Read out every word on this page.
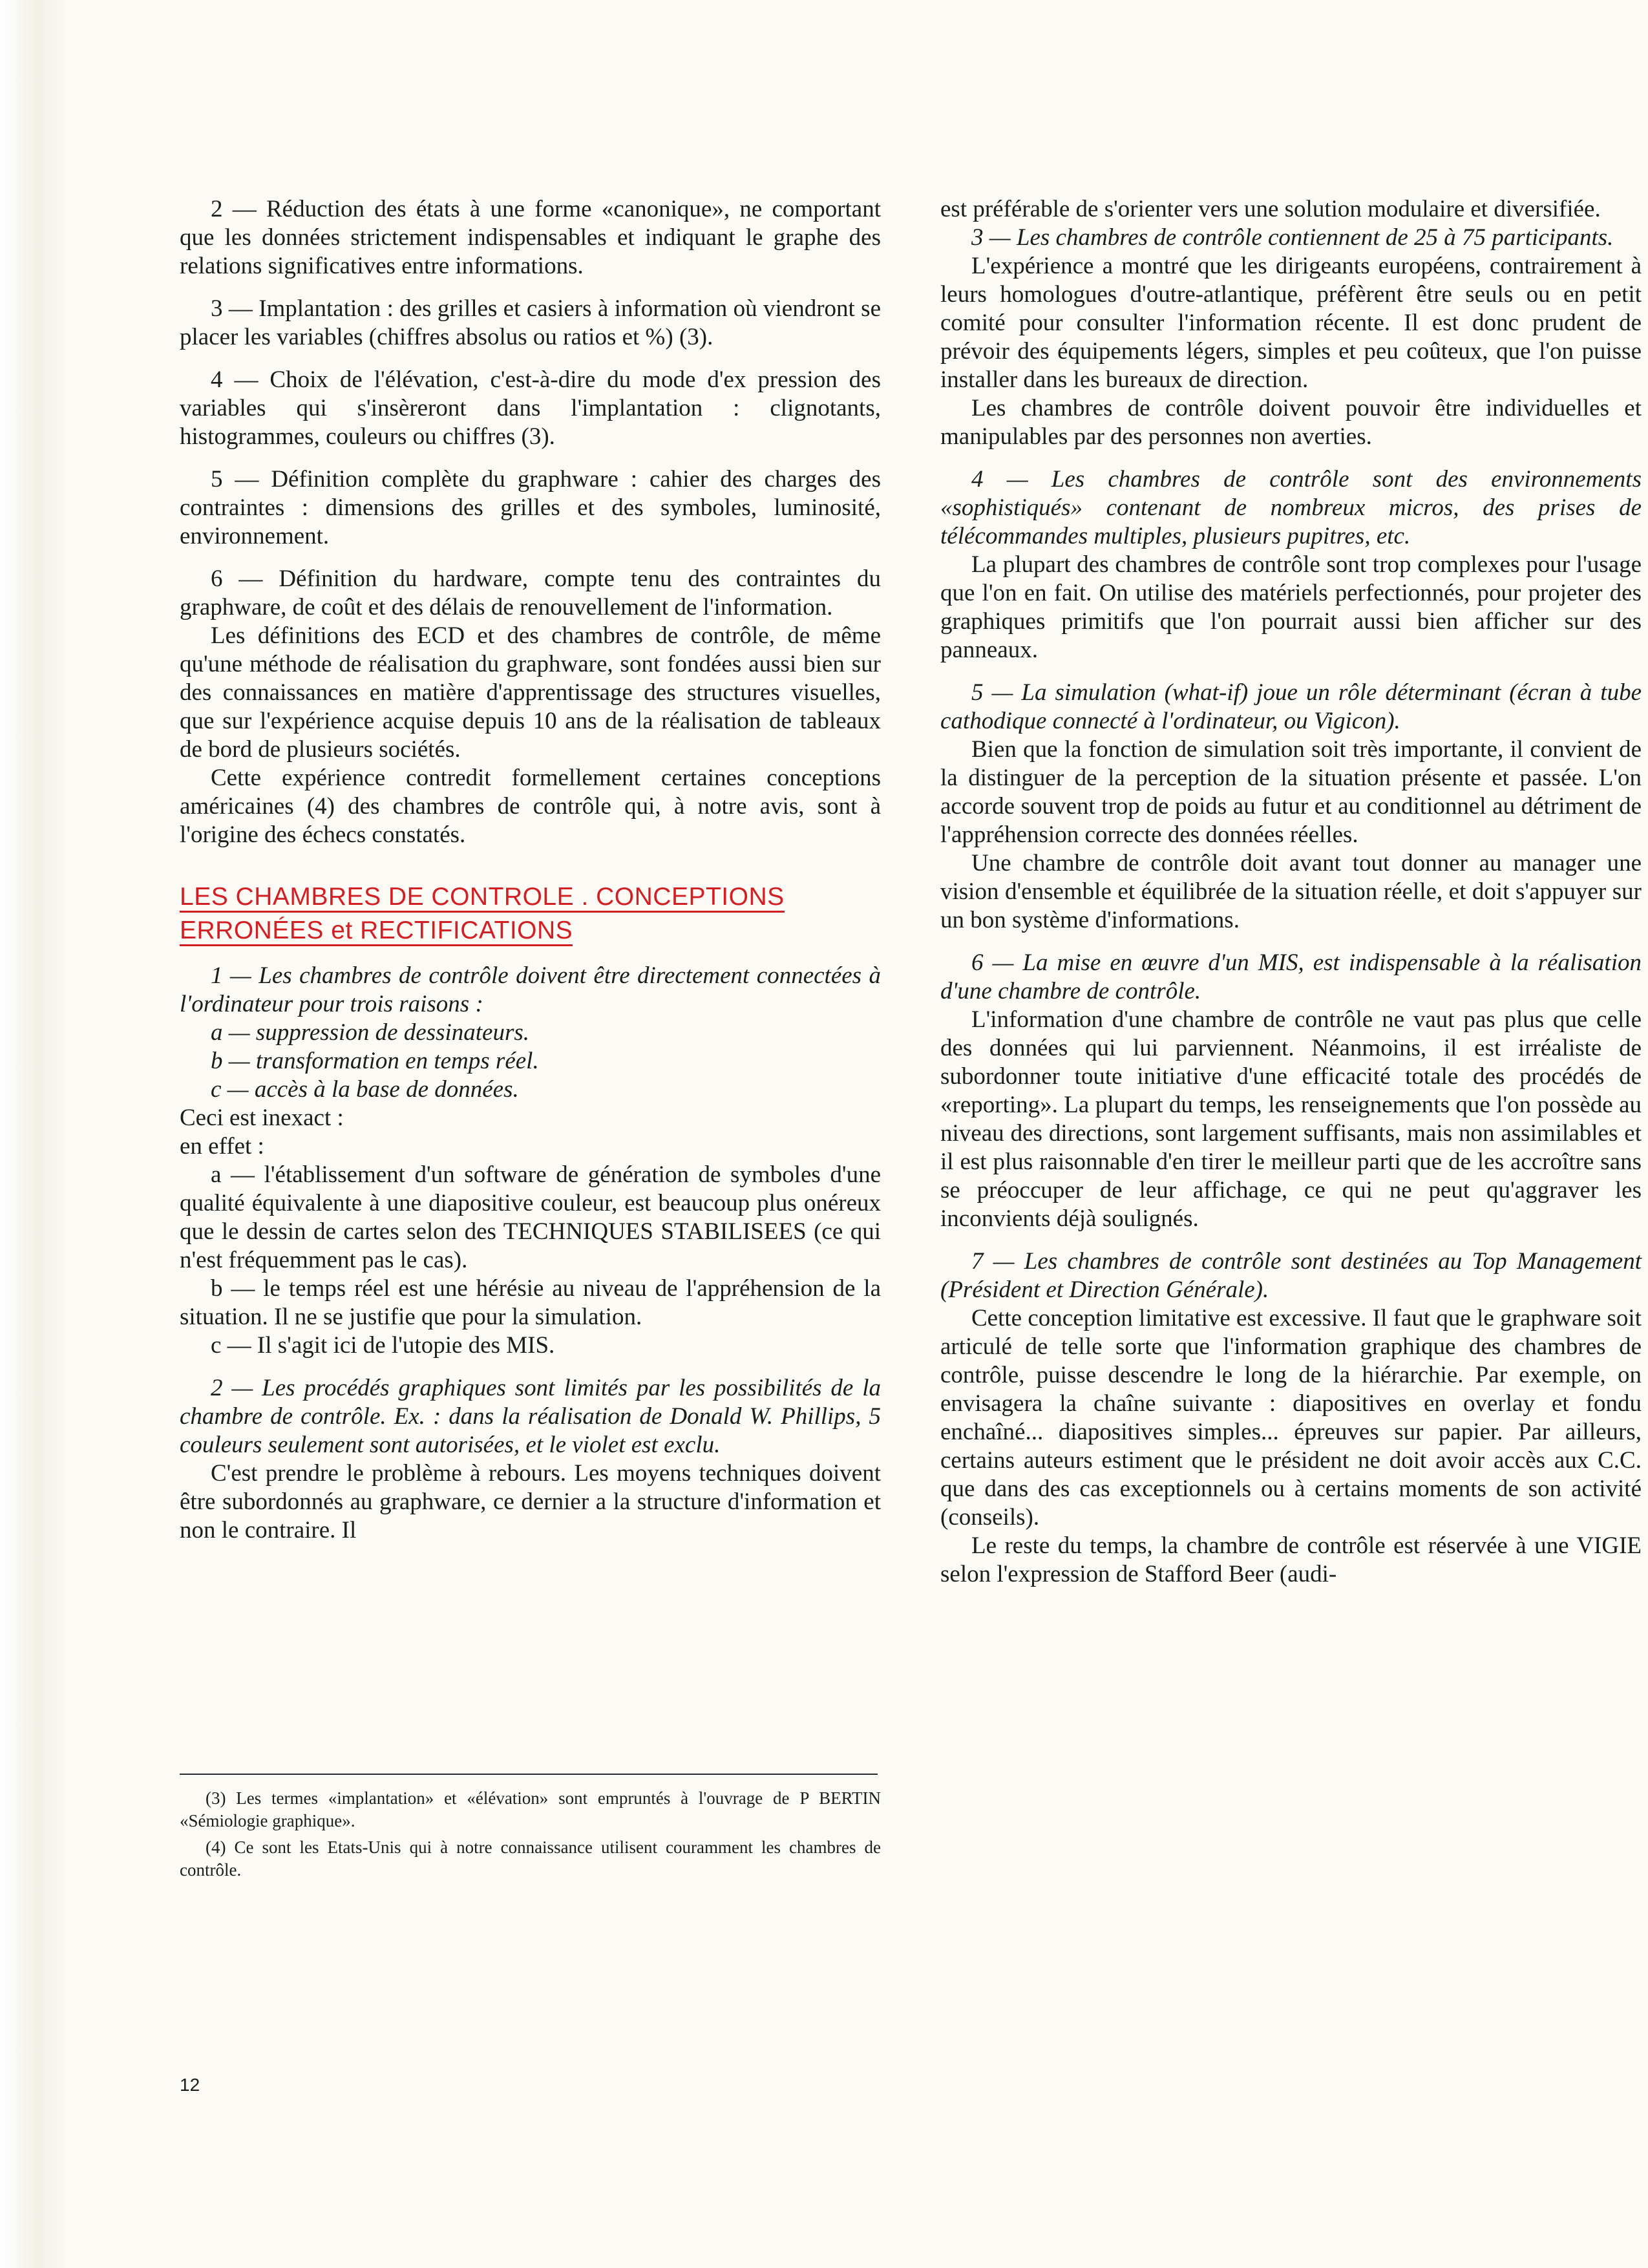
2 — Réduction des états à une forme «canonique», ne comportant que les données strictement indispensables et indiquant le graphe des relations significatives entre informations.

3 — Implantation : des grilles et casiers à information où viendront se placer les variables (chiffres absolus ou ratios et %) (3).

4 — Choix de l'élévation, c'est-à-dire du mode d'ex pression des variables qui s'insèreront dans l'implantation : clignotants, histogrammes, couleurs ou chiffres (3).

5 — Définition complète du graphware : cahier des charges des contraintes : dimensions des grilles et des symboles, luminosité, environnement.

6 — Définition du hardware, compte tenu des contraintes du graphware, de coût et des délais de renouvellement de l'information.

Les définitions des ECD et des chambres de contrôle, de même qu'une méthode de réalisation du graphware, sont fondées aussi bien sur des connaissances en matière d'apprentissage des structures visuelles, que sur l'expérience acquise depuis 10 ans de la réalisation de tableaux de bord de plusieurs sociétés.

Cette expérience contredit formellement certaines conceptions américaines (4) des chambres de contrôle qui, à notre avis, sont à l'origine des échecs constatés.

LES CHAMBRES DE CONTROLE . CONCEPTIONS
ERRONÉES et RECTIFICATIONS

1 — Les chambres de contrôle doivent être directement connectées à l'ordinateur pour trois raisons :

a — suppression de dessinateurs.

b — transformation en temps réel.

c — accès à la base de données.

Ceci est inexact :

en effet :

a — l'établissement d'un software de génération de symboles d'une qualité équivalente à une diapositive couleur, est beaucoup plus onéreux que le dessin de cartes selon des TECHNIQUES STABILISEES (ce qui n'est fréquemment pas le cas).

b — le temps réel est une hérésie au niveau de l'appréhension de la situation. Il ne se justifie que pour la simulation.

c — Il s'agit ici de l'utopie des MIS.

2 — Les procédés graphiques sont limités par les possibilités de la chambre de contrôle. Ex. : dans la réalisation de Donald W. Phillips, 5 couleurs seulement sont autorisées, et le violet est exclu.

C'est prendre le problème à rebours. Les moyens techniques doivent être subordonnés au graphware, ce dernier a la structure d'information et non le contraire. Il

est préférable de s'orienter vers une solution modulaire et diversifiée.

3 — Les chambres de contrôle contiennent de 25 à 75 participants.

L'expérience a montré que les dirigeants européens, contrairement à leurs homologues d'outre-atlantique, préfèrent être seuls ou en petit comité pour consulter l'information récente. Il est donc prudent de prévoir des équipements légers, simples et peu coûteux, que l'on puisse installer dans les bureaux de direction.

Les chambres de contrôle doivent pouvoir être individuelles et manipulables par des personnes non averties.

4 — Les chambres de contrôle sont des environnements «sophistiqués» contenant de nombreux micros, des prises de télécommandes multiples, plusieurs pupitres, etc.

La plupart des chambres de contrôle sont trop complexes pour l'usage que l'on en fait. On utilise des matériels perfectionnés, pour projeter des graphiques primitifs que l'on pourrait aussi bien afficher sur des panneaux.

5 — La simulation (what-if) joue un rôle déterminant (écran à tube cathodique connecté à l'ordinateur, ou Vigicon).

Bien que la fonction de simulation soit très importante, il convient de la distinguer de la perception de la situation présente et passée. L'on accorde souvent trop de poids au futur et au conditionnel au détriment de l'appréhension correcte des données réelles.

Une chambre de contrôle doit avant tout donner au manager une vision d'ensemble et équilibrée de la situation réelle, et doit s'appuyer sur un bon système d'informations.

6 — La mise en œuvre d'un MIS, est indispensable à la réalisation d'une chambre de contrôle.

L'information d'une chambre de contrôle ne vaut pas plus que celle des données qui lui parviennent. Néanmoins, il est irréaliste de subordonner toute initiative d'une efficacité totale des procédés de «reporting». La plupart du temps, les renseignements que l'on possède au niveau des directions, sont largement suffisants, mais non assimilables et il est plus raisonnable d'en tirer le meilleur parti que de les accroître sans se préoccuper de leur affichage, ce qui ne peut qu'aggraver les inconvients déjà soulignés.

7 — Les chambres de contrôle sont destinées au Top Management (Président et Direction Générale).

Cette conception limitative est excessive. Il faut que le graphware soit articulé de telle sorte que l'information graphique des chambres de contrôle, puisse descendre le long de la hiérarchie. Par exemple, on envisagera la chaîne suivante : diapositives en overlay et fondu enchaîné... diapositives simples... épreuves sur papier. Par ailleurs, certains auteurs estiment que le président ne doit avoir accès aux C.C. que dans des cas exceptionnels ou à certains moments de son activité (conseils).

Le reste du temps, la chambre de contrôle est réservée à une VIGIE selon l'expression de Stafford Beer (audi-

(3) Les termes «implantation» et «élévation» sont empruntés à l'ouvrage de P BERTIN «Sémiologie graphique».

(4) Ce sont les Etats-Unis qui à notre connaissance utilisent couramment les chambres de contrôle.

12
